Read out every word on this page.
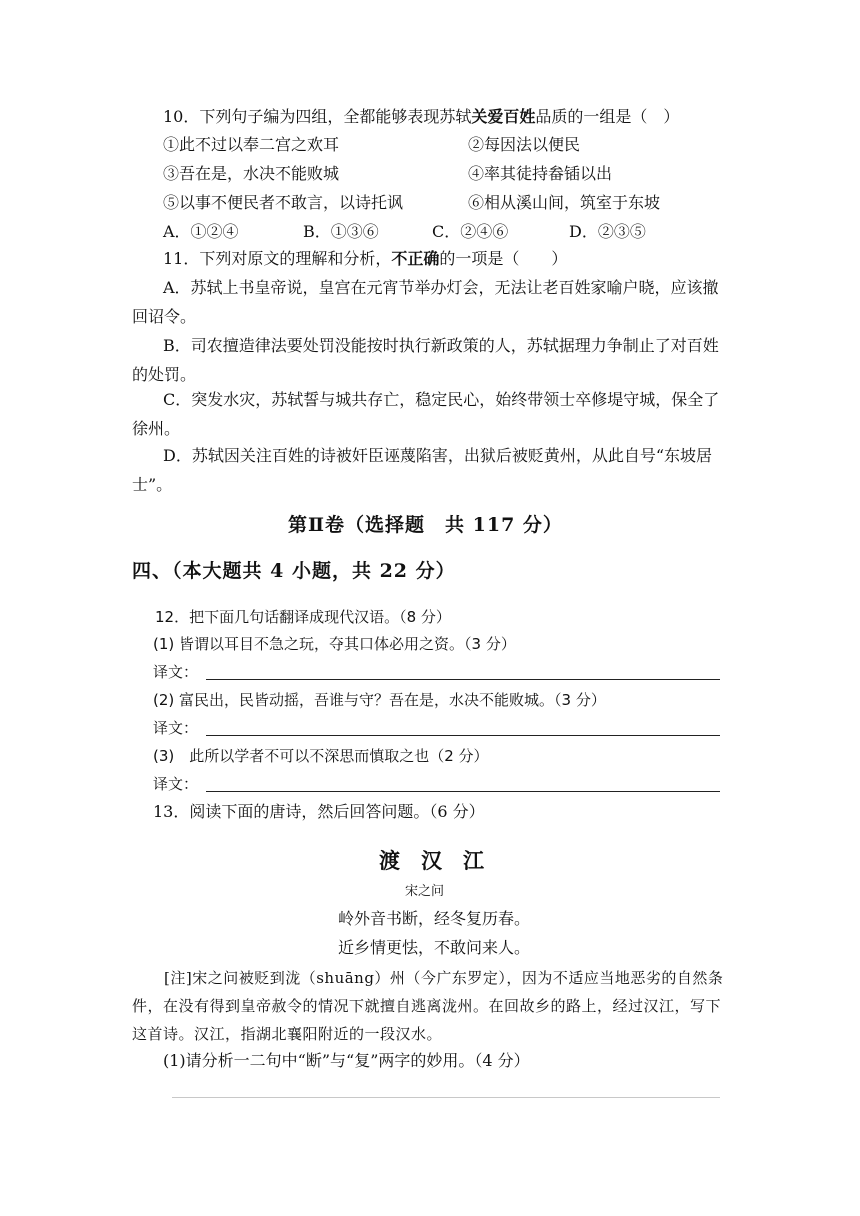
10．下列句子编为四组，全都能够表现苏轼关爱百姓品质的一组是（　）
①此不过以奉二宫之欢耳	②每因法以便民
③吾在是，水决不能败城	④率其徒持畚锸以出
⑤以事不便民者不敢言，以诗托讽	⑥相从溪山间，筑室于东坡
A．①②④	B．①③⑥	C．②④⑥	D．②③⑤
11．下列对原文的理解和分析，不正确的一项是（　　）
A．苏轼上书皇帝说，皇宫在元宵节举办灯会，无法让老百姓家喻户晓，应该撤回诏令。
B．司农擅造律法要处罚没能按时执行新政策的人，苏轼据理力争制止了对百姓的处罚。
C．突发水灾，苏轼誓与城共存亡，稳定民心，始终带领士卒修堤守城，保全了徐州。
D．苏轼因关注百姓的诗被奸臣诬蔑陷害，出狱后被贬黄州，从此自号“东坡居士”。
第Ⅱ卷（选择题　共 117 分）
四、（本大题共 4 小题，共 22 分）
12．把下面几句话翻译成现代汉语。（8 分）
(1) 皆谓以耳目不急之玩，夺其口体必用之资。（3 分）
译文：
(2) 富民出，民皆动摇，吾谁与守？吾在是，水决不能败城。（3 分）
译文：
(3)　此所以学者不可以不深思而慎取之也（2 分）
译文：
13．阅读下面的唐诗，然后回答问题。（6 分）
渡　汉　江
宋之问
岭外音书断，经冬复历春。
近乡情更怯，不敢问来人。
[注]宋之问被贬到泷（shuāng）州（今广东罗定），因为不适应当地恶劣的自然条件，在没有得到皇帝赦令的情况下就擅自逃离泷州。在回故乡的路上，经过汉江，写下这首诗。汉江，指湖北襄阳附近的一段汉水。
(1)请分析一二句中“断”与“复”两字的妙用。（4 分）
